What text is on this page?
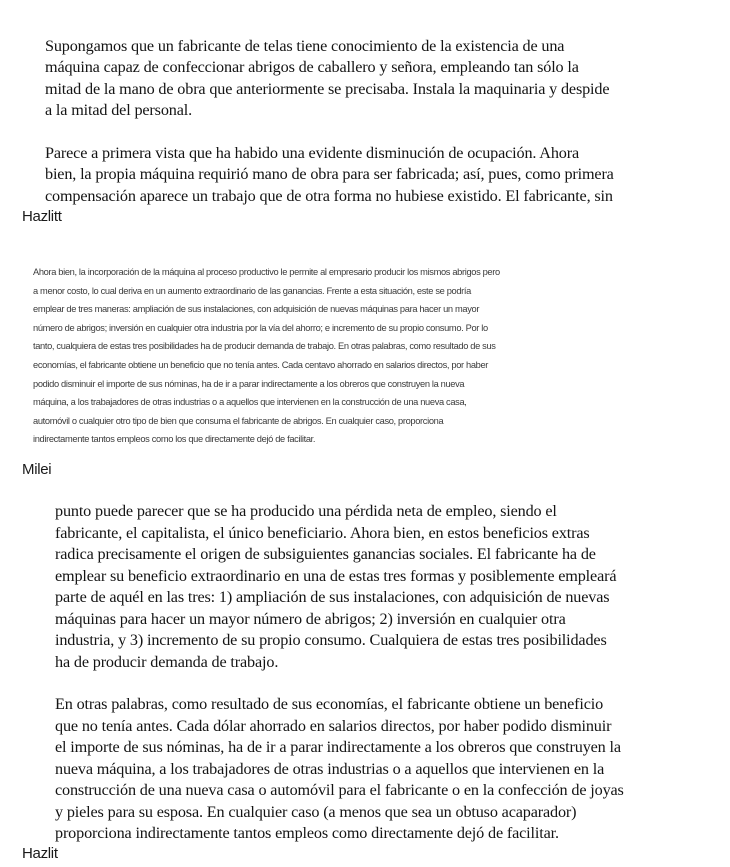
Supongamos que un fabricante de telas tiene conocimiento de la existencia de una
máquina capaz de confeccionar abrigos de caballero y señora, empleando tan sólo la
mitad de la mano de obra que anteriormente se precisaba. Instala la maquinaria y despide
a la mitad del personal.

Parece a primera vista que ha habido una evidente disminución de ocupación. Ahora
bien, la propia máquina requirió mano de obra para ser fabricada; así, pues, como primera
compensación aparece un trabajo que de otra forma no hubiese existido. El fabricante, sin

Hazlitt

Ahora bien, la incorporación de la máquina al proceso productivo le permite al empresario producir los mismos abrigos pero
a menor costo, lo cual deriva en un aumento extraordinario de las ganancias. Frente a esta situación, este se podría
emplear de tres maneras: ampliación de sus instalaciones, con adquisición de nuevas máquinas para hacer un mayor
número de abrigos; inversión en cualquier otra industria por la vía del ahorro; e incremento de su propio consumo. Por lo
tanto, cualquiera de estas tres posibilidades ha de producir demanda de trabajo. En otras palabras, como resultado de sus
economías, el fabricante obtiene un beneficio que no tenía antes. Cada centavo ahorrado en salarios directos, por haber
podido disminuir el importe de sus nóminas, ha de ir a parar indirectamente a los obreros que construyen la nueva
máquina, a los trabajadores de otras industrias o a aquellos que intervienen en la construcción de una nueva casa,
automóvil o cualquier otro tipo de bien que consuma el fabricante de abrigos. En cualquier caso, proporciona
indirectamente tantos empleos como los que directamente dejó de facilitar.

Milei

punto puede parecer que se ha producido una pérdida neta de empleo, siendo el
fabricante, el capitalista, el único beneficiario. Ahora bien, en estos beneficios extras
radica precisamente el origen de subsiguientes ganancias sociales. El fabricante ha de
emplear su beneficio extraordinario en una de estas tres formas y posiblemente empleará
parte de aquél en las tres: 1) ampliación de sus instalaciones, con adquisición de nuevas
máquinas para hacer un mayor número de abrigos; 2) inversión en cualquier otra
industria, y 3) incremento de su propio consumo. Cualquiera de estas tres posibilidades
ha de producir demanda de trabajo.

En otras palabras, como resultado de sus economías, el fabricante obtiene un beneficio
que no tenía antes. Cada dólar ahorrado en salarios directos, por haber podido disminuir
el importe de sus nóminas, ha de ir a parar indirectamente a los obreros que construyen la
nueva máquina, a los trabajadores de otras industrias o a aquellos que intervienen en la
construcción de una nueva casa o automóvil para el fabricante o en la confección de joyas
y pieles para su esposa. En cualquier caso (a menos que sea un obtuso acaparador)
proporciona indirectamente tantos empleos como directamente dejó de facilitar.

Hazlit
